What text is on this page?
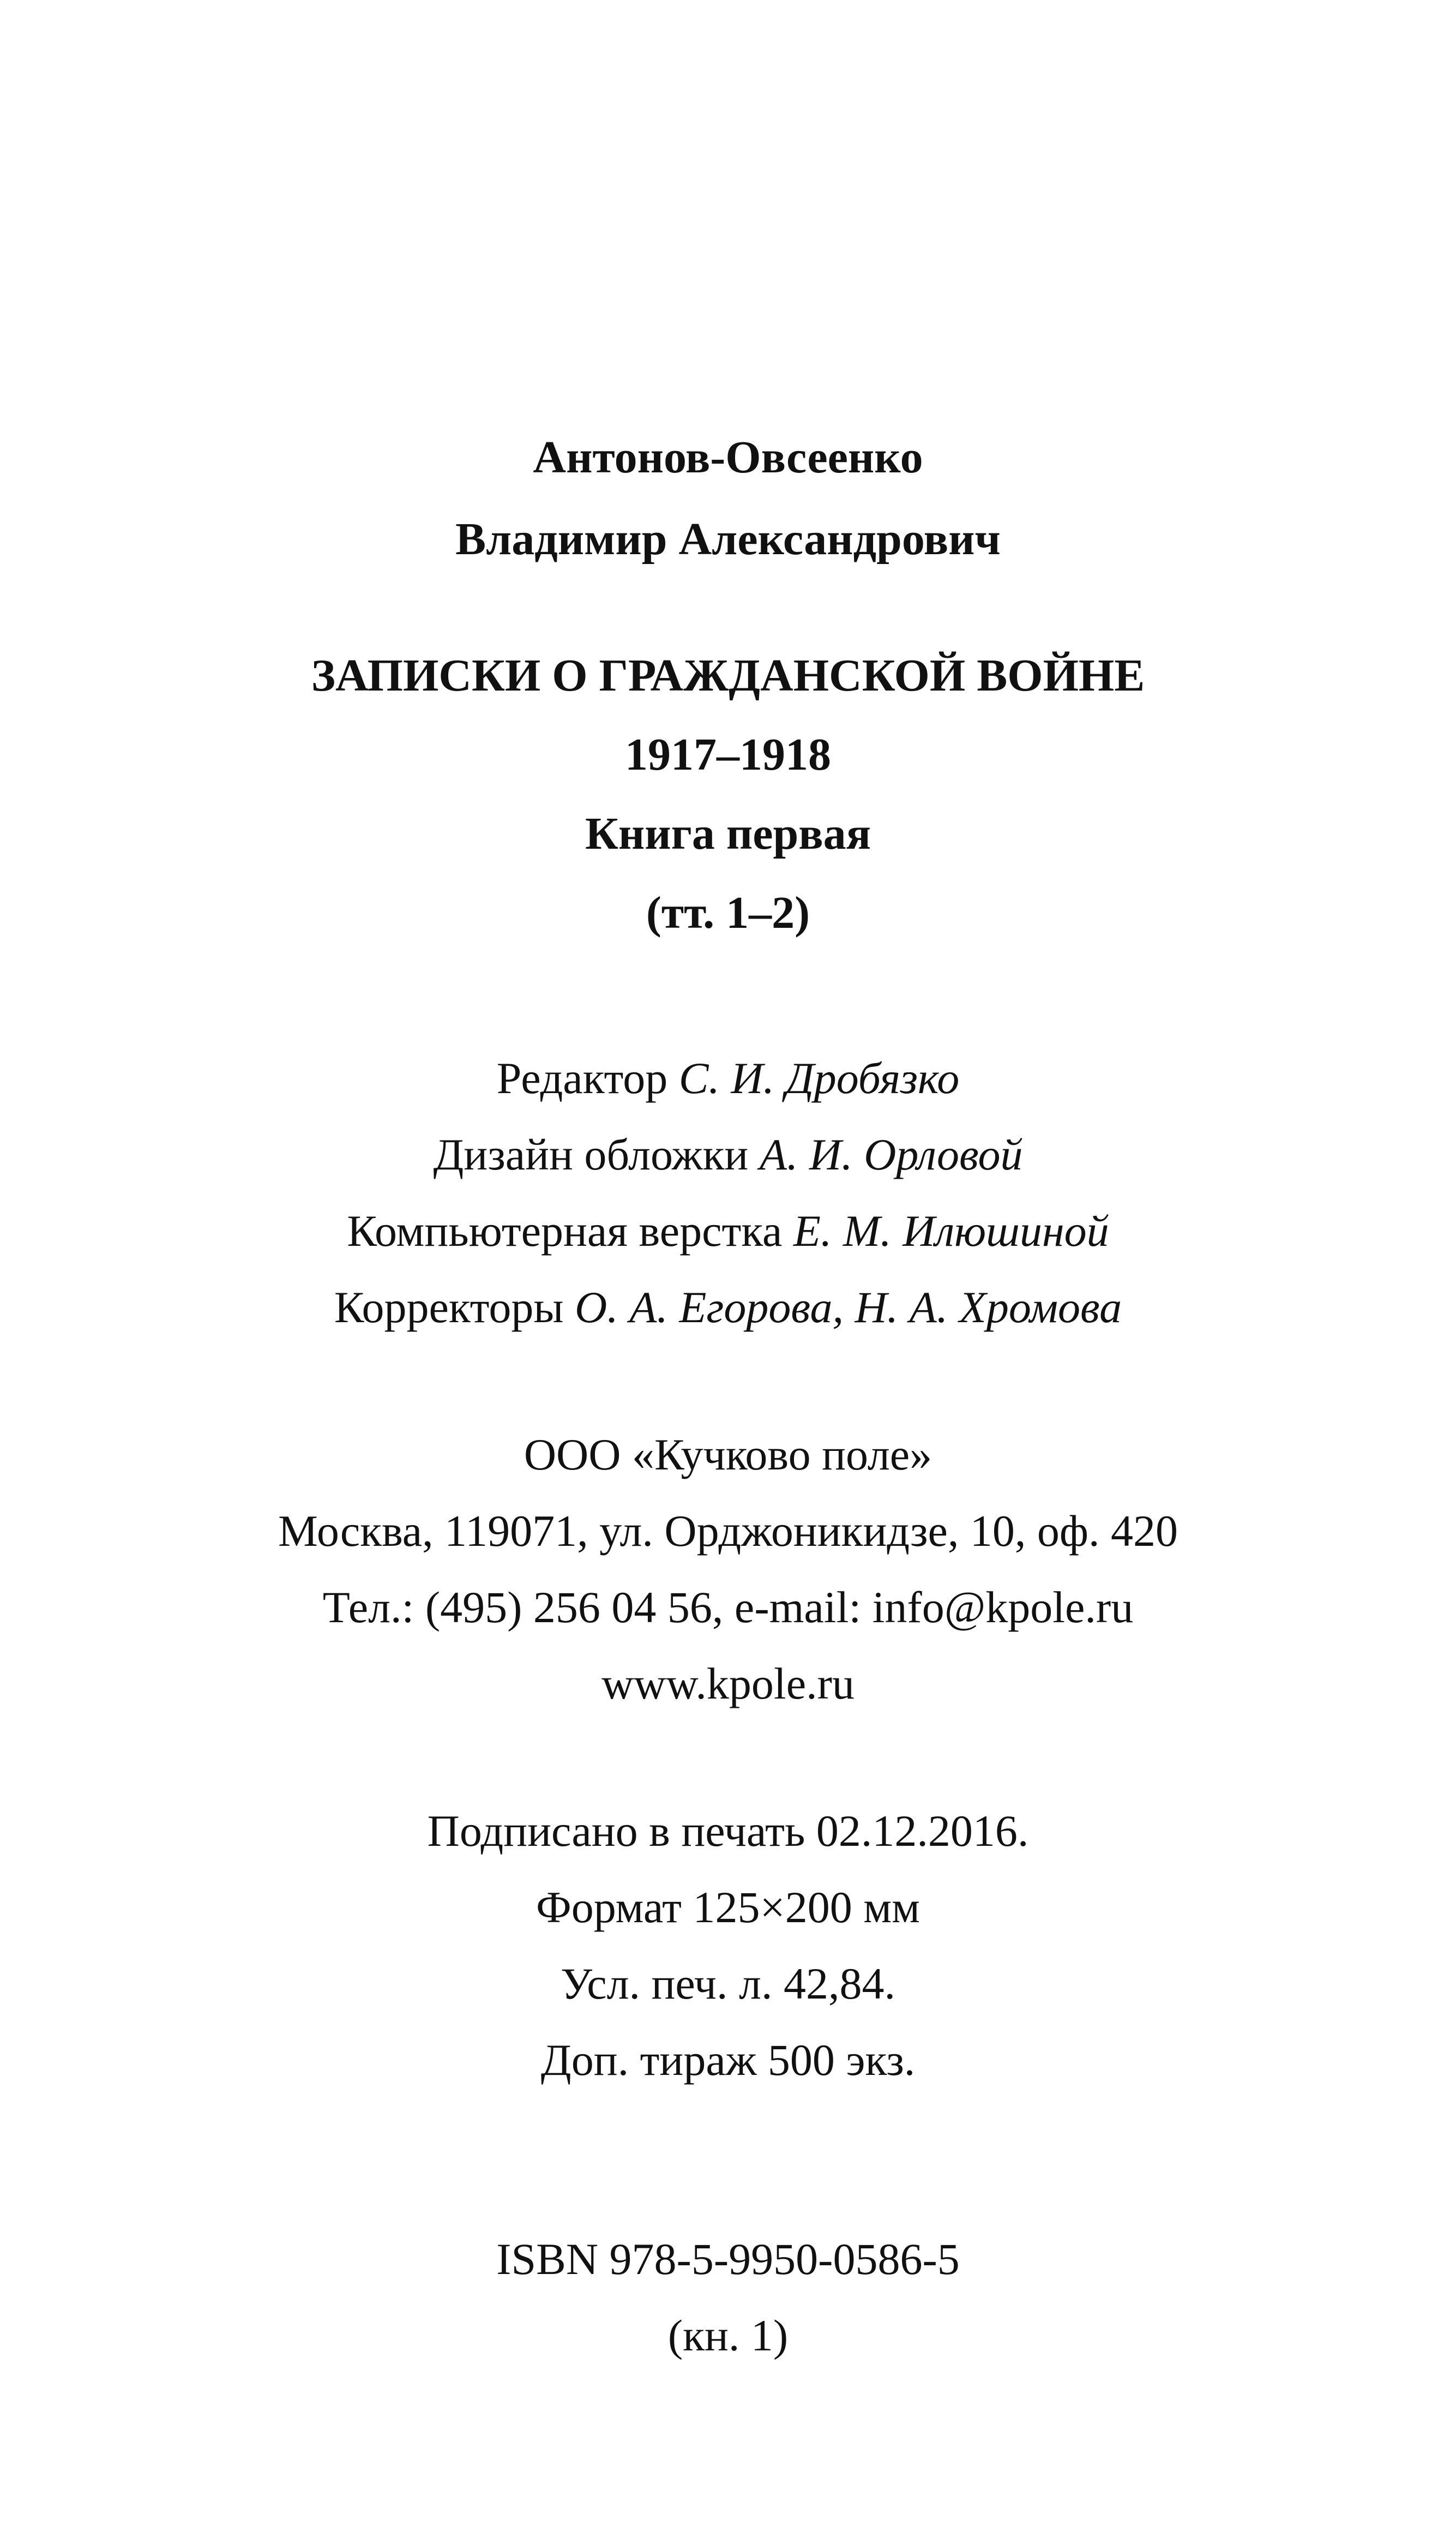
Антонов-Овсеенко
Владимир Александрович
ЗАПИСКИ О ГРАЖДАНСКОЙ ВОЙНЕ
1917–1918
Книга первая
(тт. 1–2)
Редактор С. И. Дробязко
Дизайн обложки А. И. Орловой
Компьютерная верстка Е. М. Илюшиной
Корректоры О. А. Егорова, Н. А. Хромова
ООО «Кучково поле»
Москва, 119071, ул. Орджоникидзе, 10, оф. 420
Тел.: (495) 256 04 56, e-mail: info@kpole.ru
www.kpole.ru
Подписано в печать 02.12.2016.
Формат 125×200 мм
Усл. печ. л. 42,84.
Доп. тираж 500 экз.
ISBN 978-5-9950-0586-5
(кн. 1)
